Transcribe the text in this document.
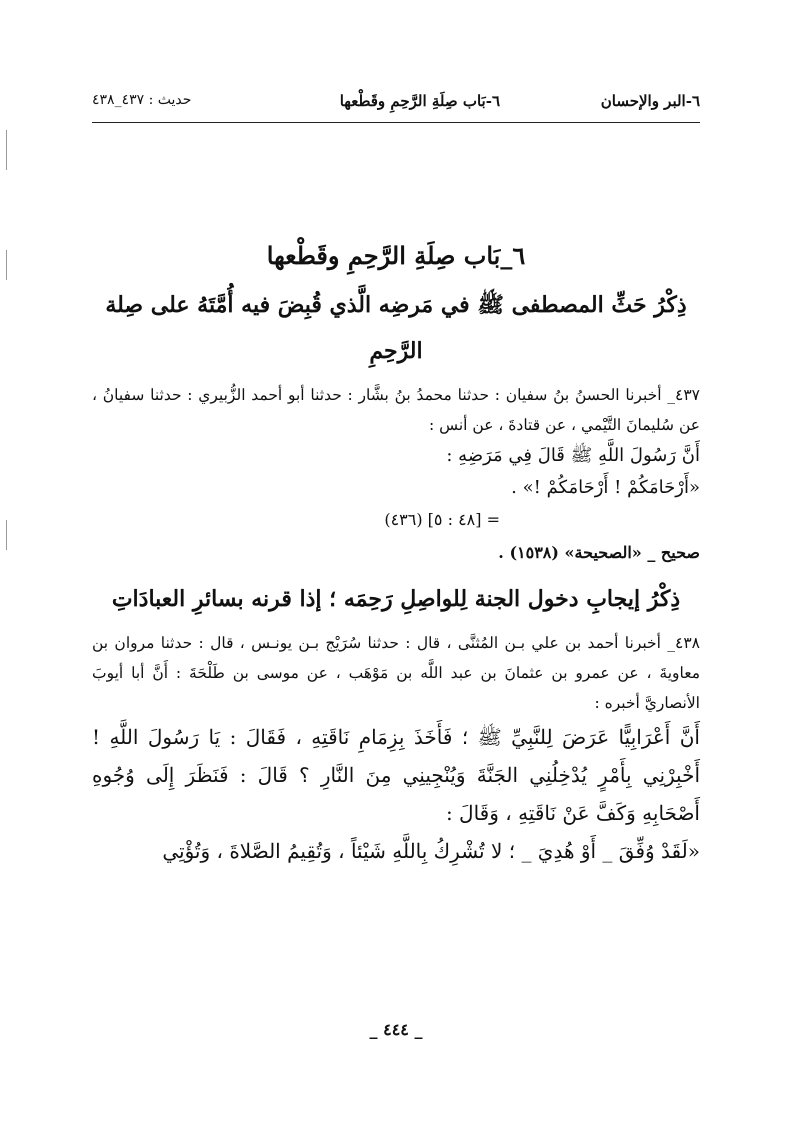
٦-البر والإحسان
٦-بَاب صِلَةِ الرَّحِمِ وقَطْعها
حديث : ٤٣٧_٤٣٨
٦_بَاب صِلَةِ الرَّحِمِ وقَطْعها
ذِكْرُ حَثِّ المصطفى ﷺ في مَرضِه الَّذي قُبِضَ فيه أُمَّتَهُ على صِلة الرَّحِمِ

٤٣٧_ أخبرنا الحسنُ بنُ سفيان : حدثنا محمدُ بنُ بشَّار : حدثنا أبو أحمد الزُّبيري : حدثنا سفيانُ ، عن سُليمانَ التَّيْمي ، عن قتادةَ ، عن أنس :

أَنَّ رَسُولَ اللَّهِ ﷺ قَالَ فِي مَرَضِهِ :

«أَرْحَامَكُمْ ! أَرْحَامَكُمْ !» .

= [٤٨ : ٥] (٤٣٦)

صحيح _ «الصحيحة» (١٥٣٨) .

ذِكْرُ إيجابِ دخول الجنة لِلواصِلِ رَحِمَه ؛ إذا قرنه بسائرِ العبادَاتِ

٤٣٨_ أخبرنا أحمد بن علي بـن المُثنَّى ، قال : حدثنا سُرَيْج بـن يونـس ، قال : حدثنا مروان بن معاويةَ ، عن عمرو بن عثمانَ بن عبد اللَّه بن مَوْهَب ، عن موسى بن طَلْحَةَ : أَنَّ أبا أيوبَ الأنصاريَّ أخبره :

أَنَّ أَعْرَابِيًّا عَرَضَ لِلنَّبِيِّ ﷺ ؛ فَأَخَذَ بِزِمَامِ نَاقَتِهِ ، فَقَالَ : يَا رَسُولَ اللَّهِ ! أَخْبِرْنِي بِأَمْرٍ يُدْخِلُنِي الجَنَّةَ وَيُنْجِينِي مِنَ النَّارِ ؟ قَالَ : فَنَظَرَ إِلَى وُجُوهِ أَصْحَابِهِ وَكَفَّ عَنْ نَاقَتِهِ ، وَقَالَ :

«لَقَدْ وُفِّقَ _ أَوْ هُدِيَ _ ؛ لا تُشْرِكُ بِاللَّهِ شَيْئاً ، وَتُقِيمُ الصَّلاةَ ، وَتُؤْتِي

_ ٤٤٤ _
